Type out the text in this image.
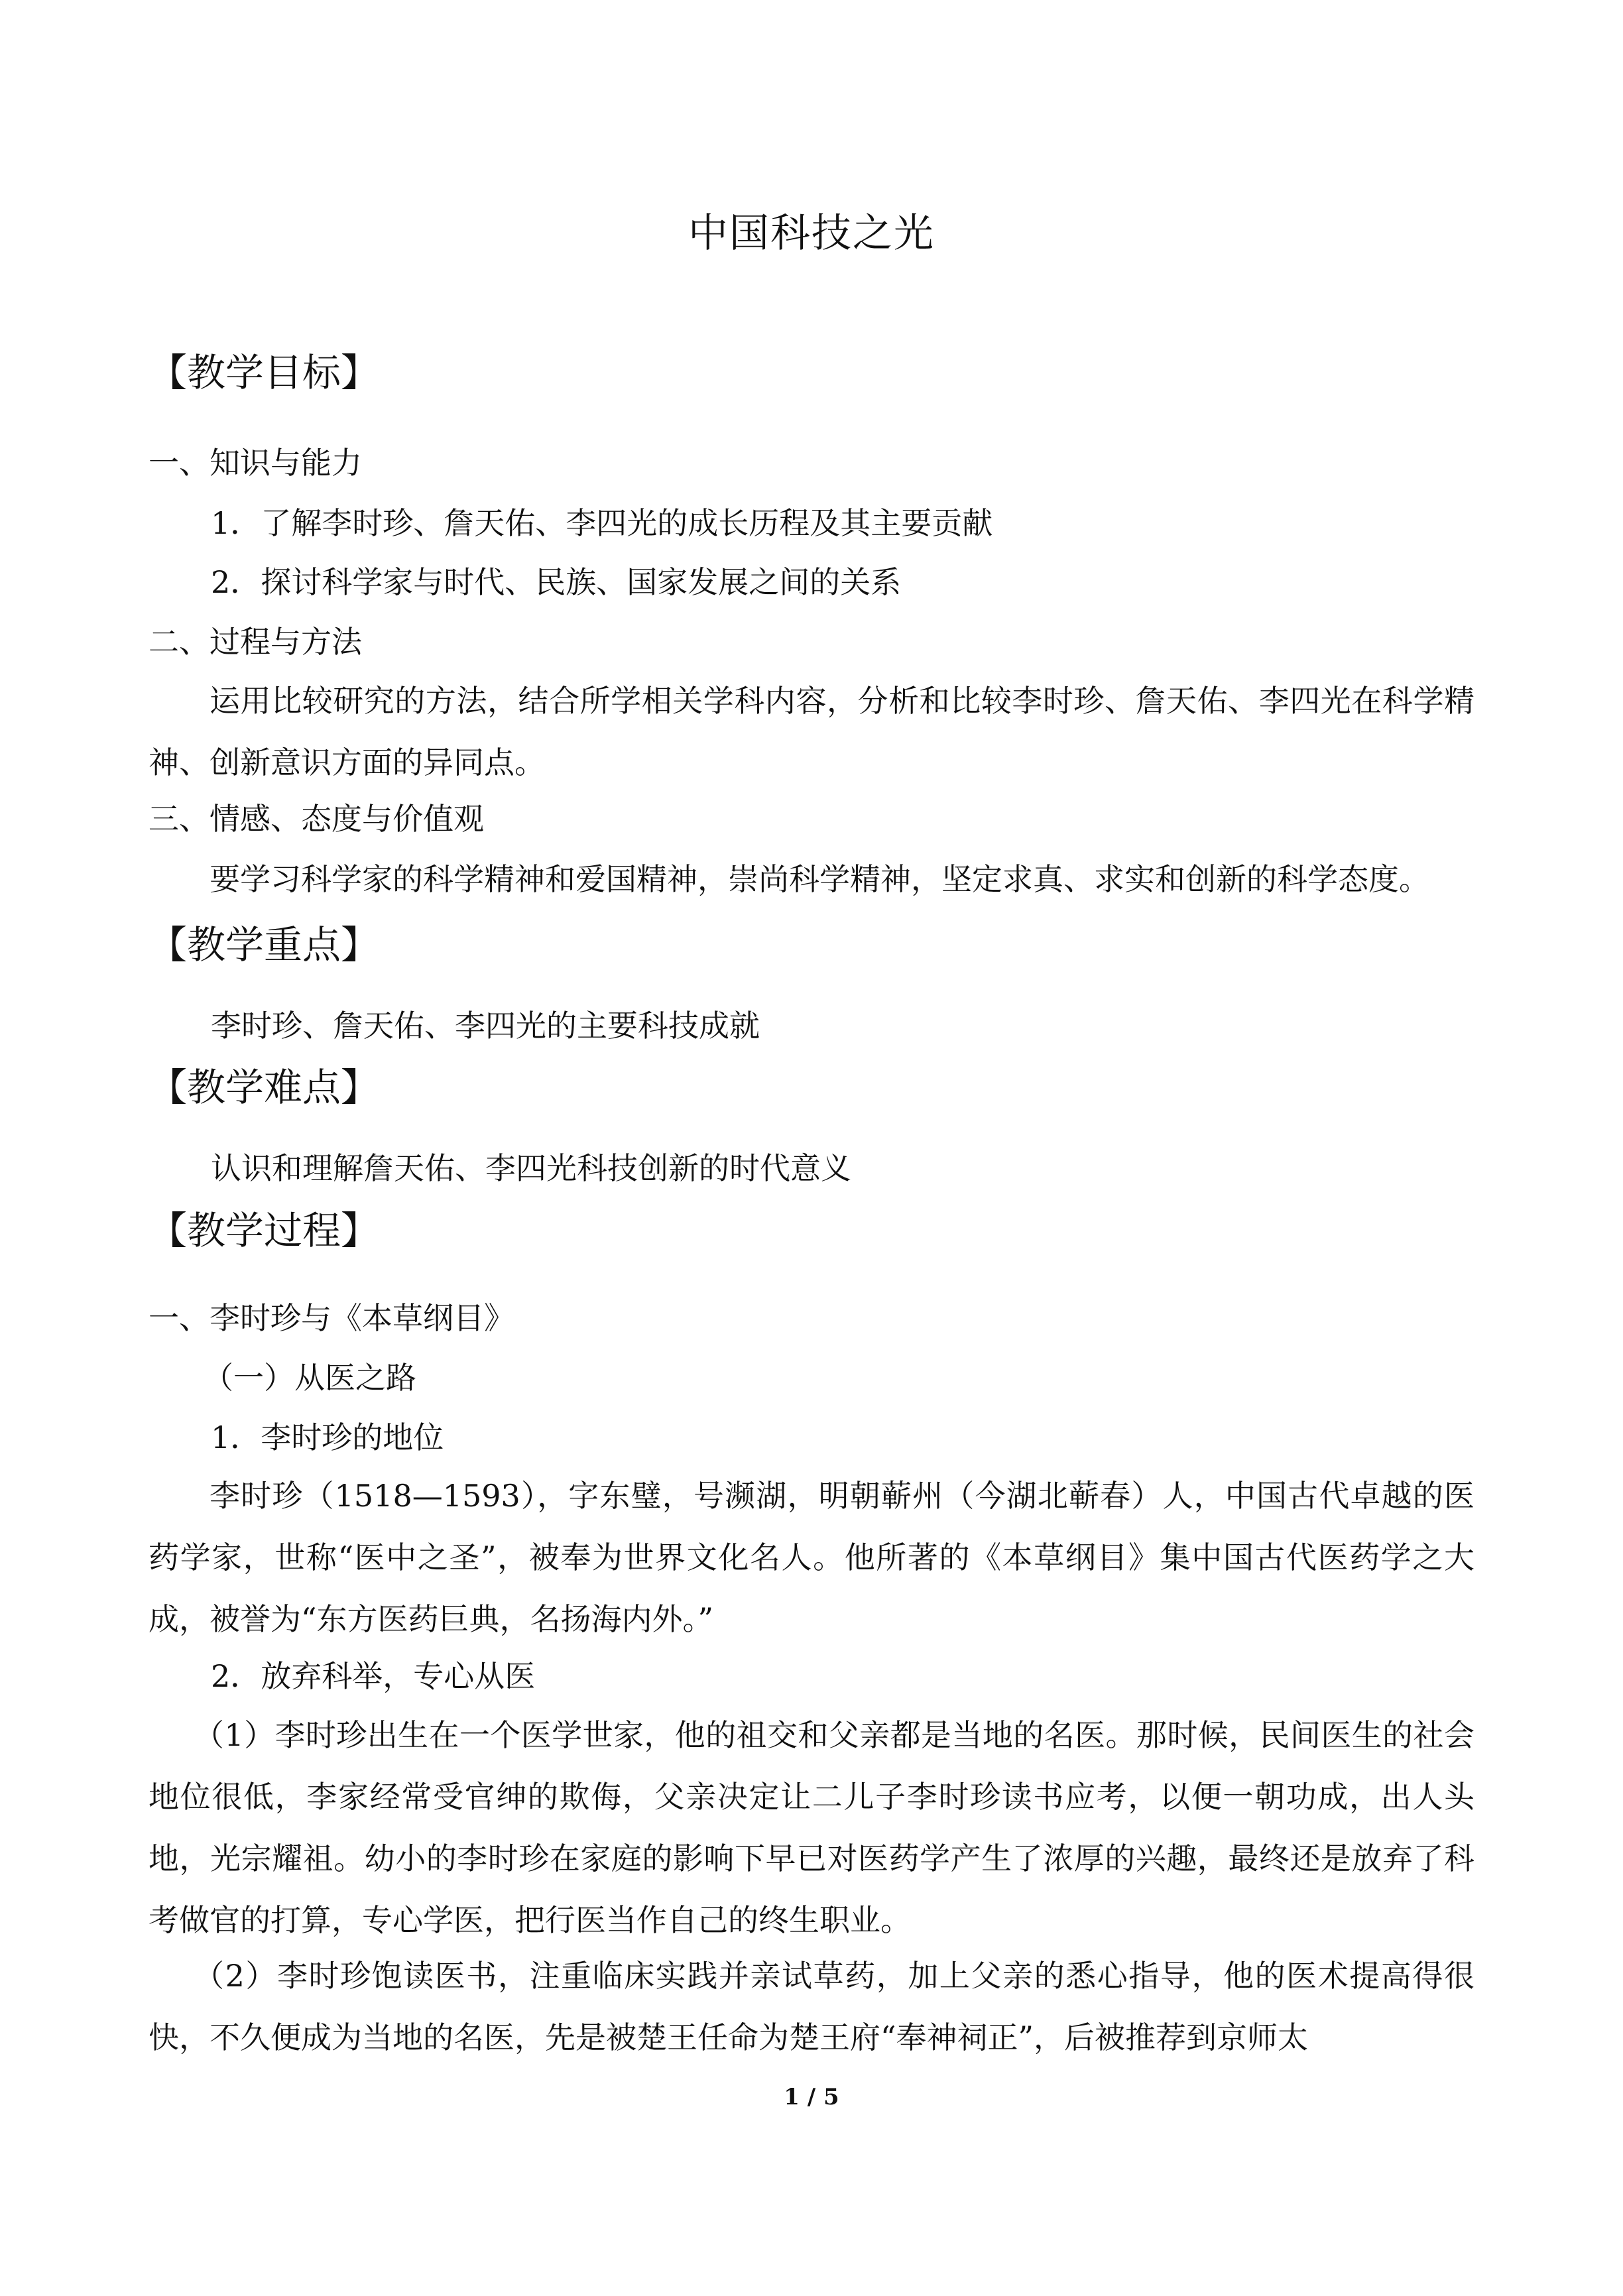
中国科技之光
【教学目标】
一、知识与能力
1．了解李时珍、詹天佑、李四光的成长历程及其主要贡献
2．探讨科学家与时代、民族、国家发展之间的关系
二、过程与方法
运用比较研究的方法，结合所学相关学科内容，分析和比较李时珍、詹天佑、李四光在科学精神、创新意识方面的异同点。
三、情感、态度与价值观
要学习科学家的科学精神和爱国精神，崇尚科学精神，坚定求真、求实和创新的科学态度。
【教学重点】
李时珍、詹天佑、李四光的主要科技成就
【教学难点】
认识和理解詹天佑、李四光科技创新的时代意义
【教学过程】
一、李时珍与《本草纲目》
（一）从医之路
1．李时珍的地位
李时珍（1518—1593），字东璧，号濒湖，明朝蕲州（今湖北蕲春）人，中国古代卓越的医药学家，世称“医中之圣”，被奉为世界文化名人。他所著的《本草纲目》集中国古代医药学之大成，被誉为“东方医药巨典，名扬海内外。”
2．放弃科举，专心从医
（1）李时珍出生在一个医学世家，他的祖交和父亲都是当地的名医。那时候，民间医生的社会地位很低，李家经常受官绅的欺侮，父亲决定让二儿子李时珍读书应考，以便一朝功成，出人头地，光宗耀祖。幼小的李时珍在家庭的影响下早已对医药学产生了浓厚的兴趣，最终还是放弃了科考做官的打算，专心学医，把行医当作自己的终生职业。
（2）李时珍饱读医书，注重临床实践并亲试草药，加上父亲的悉心指导，他的医术提高得很快，不久便成为当地的名医，先是被楚王任命为楚王府“奉神祠正”，后被推荐到京师太
1 / 5
